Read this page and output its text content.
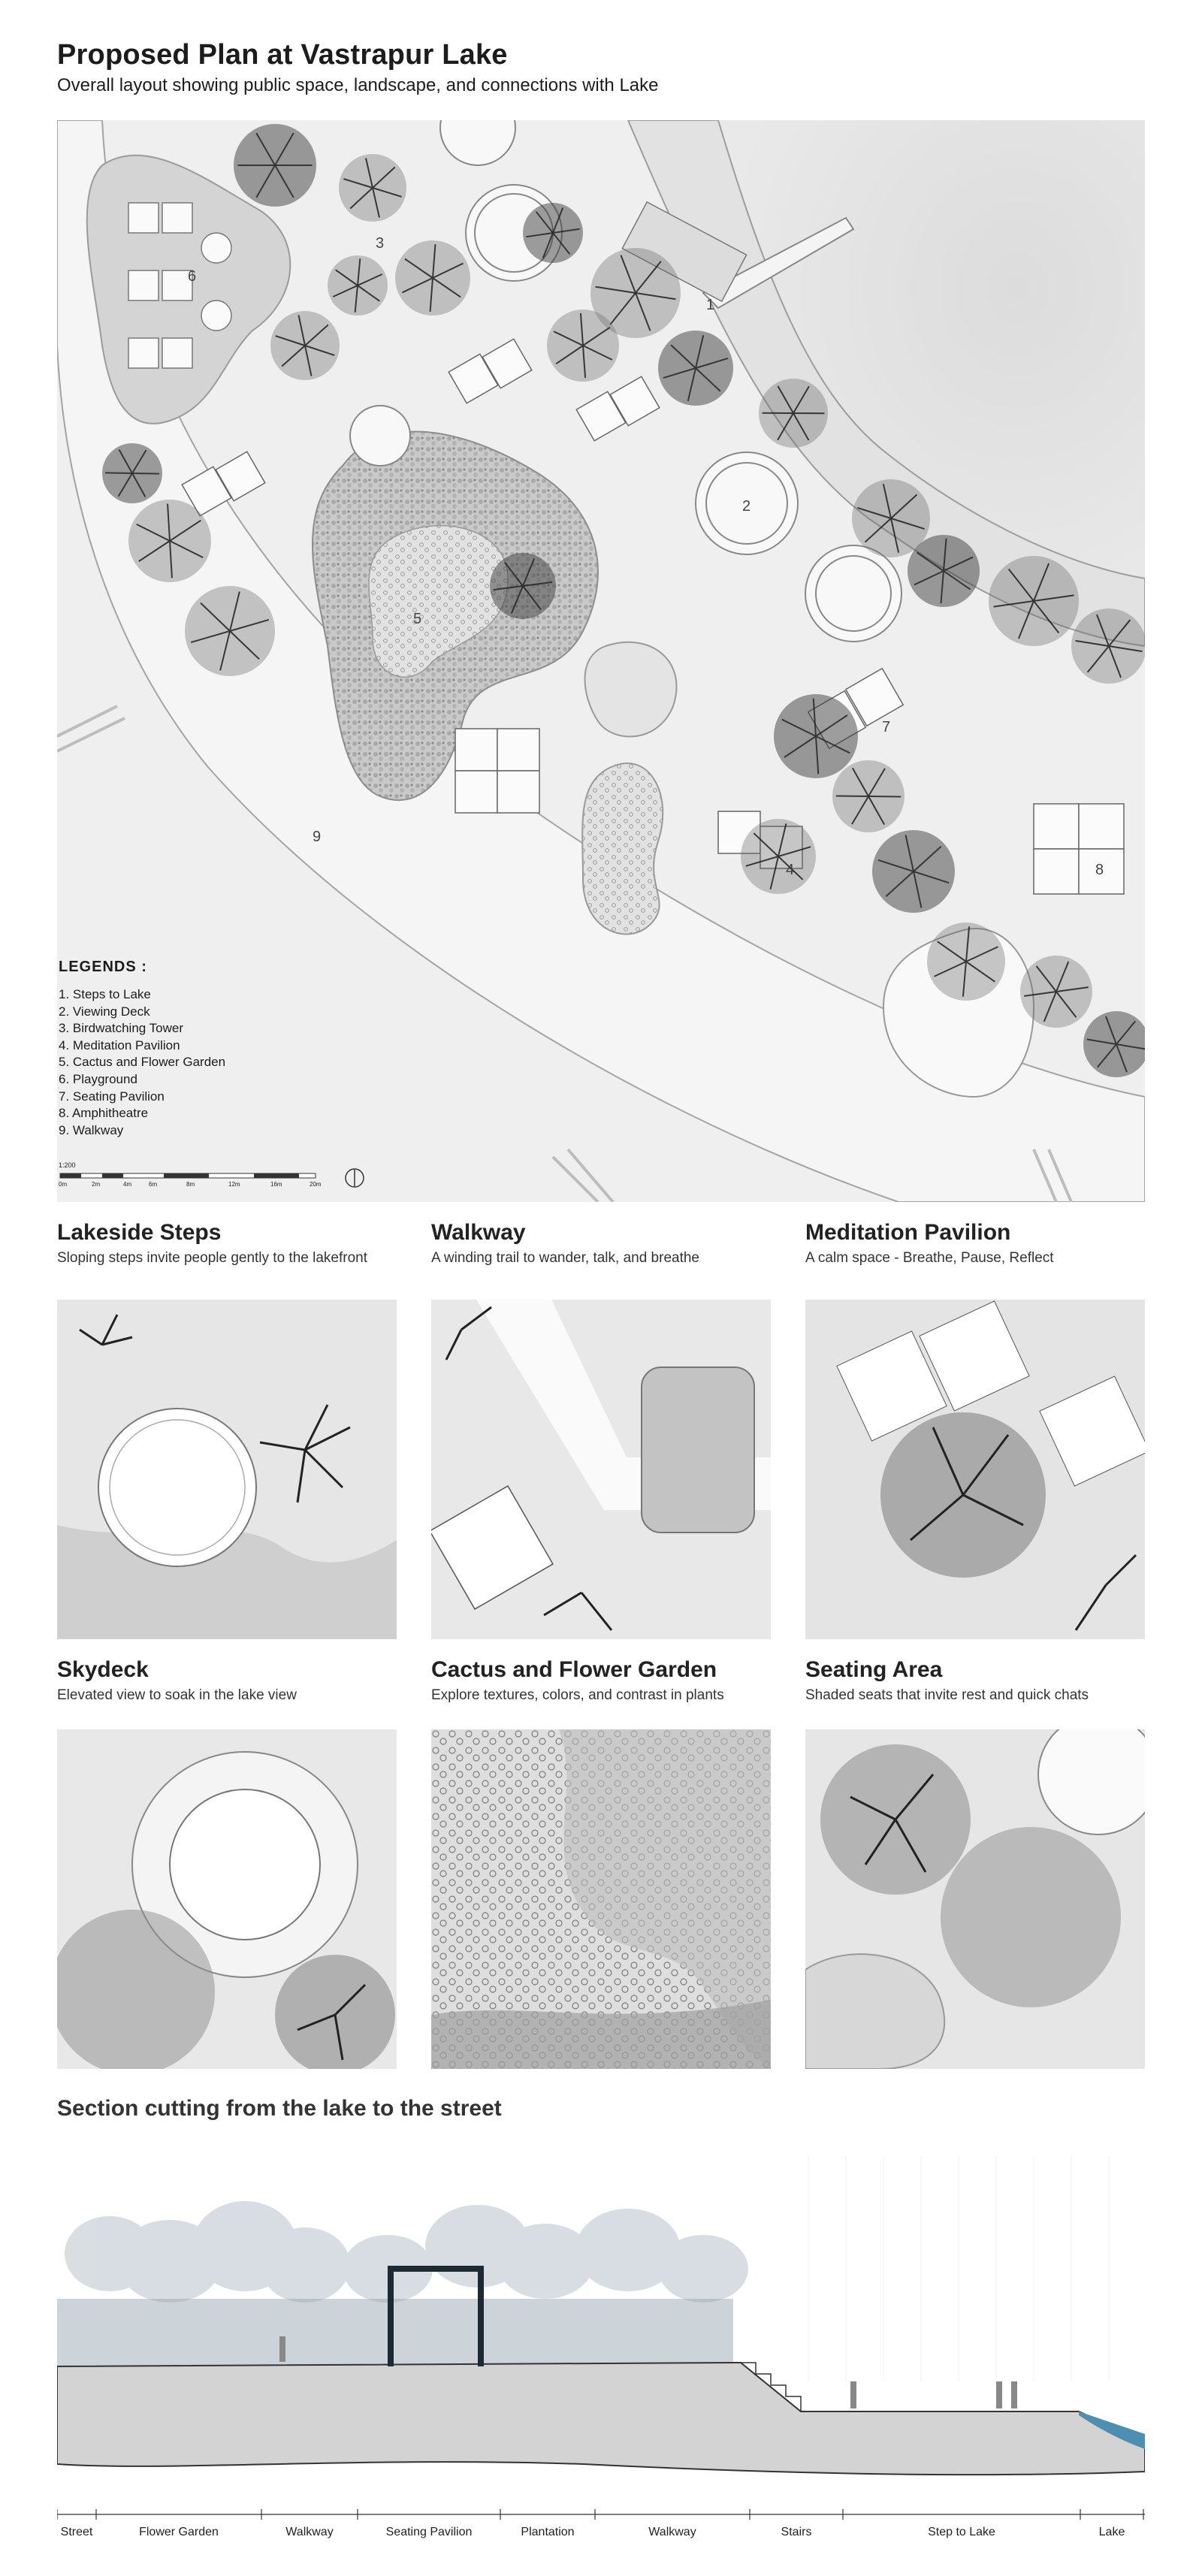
Proposed Plan at Vastrapur Lake
Overall layout showing public space, landscape, and connections with Lake
1
2
3
4
5
6
7
8
9
LEGENDS :
1. Steps to Lake
2. Viewing Deck
3. Birdwatching Tower
4. Meditation Pavilion
5. Cactus and Flower Garden
6. Playground
7. Seating Pavilion
8. Amphitheatre
9. Walkway
1:200
0m	2m	4m	6m	8m	12m	16m	20m
Lakeside Steps
Sloping steps invite people gently to the lakefront
Walkway
A winding trail to wander, talk, and breathe
Meditation Pavilion
A calm space - Breathe, Pause, Reflect
Skydeck
Elevated view to soak in the lake view
Cactus and Flower Garden
Explore textures, colors, and contrast in plants
Seating Area
Shaded seats that invite rest and quick chats
Section cutting from the lake to the street
Street	Flower Garden	Walkway	Seating Pavilion	Plantation	Walkway	Stairs	Step to Lake	Lake
